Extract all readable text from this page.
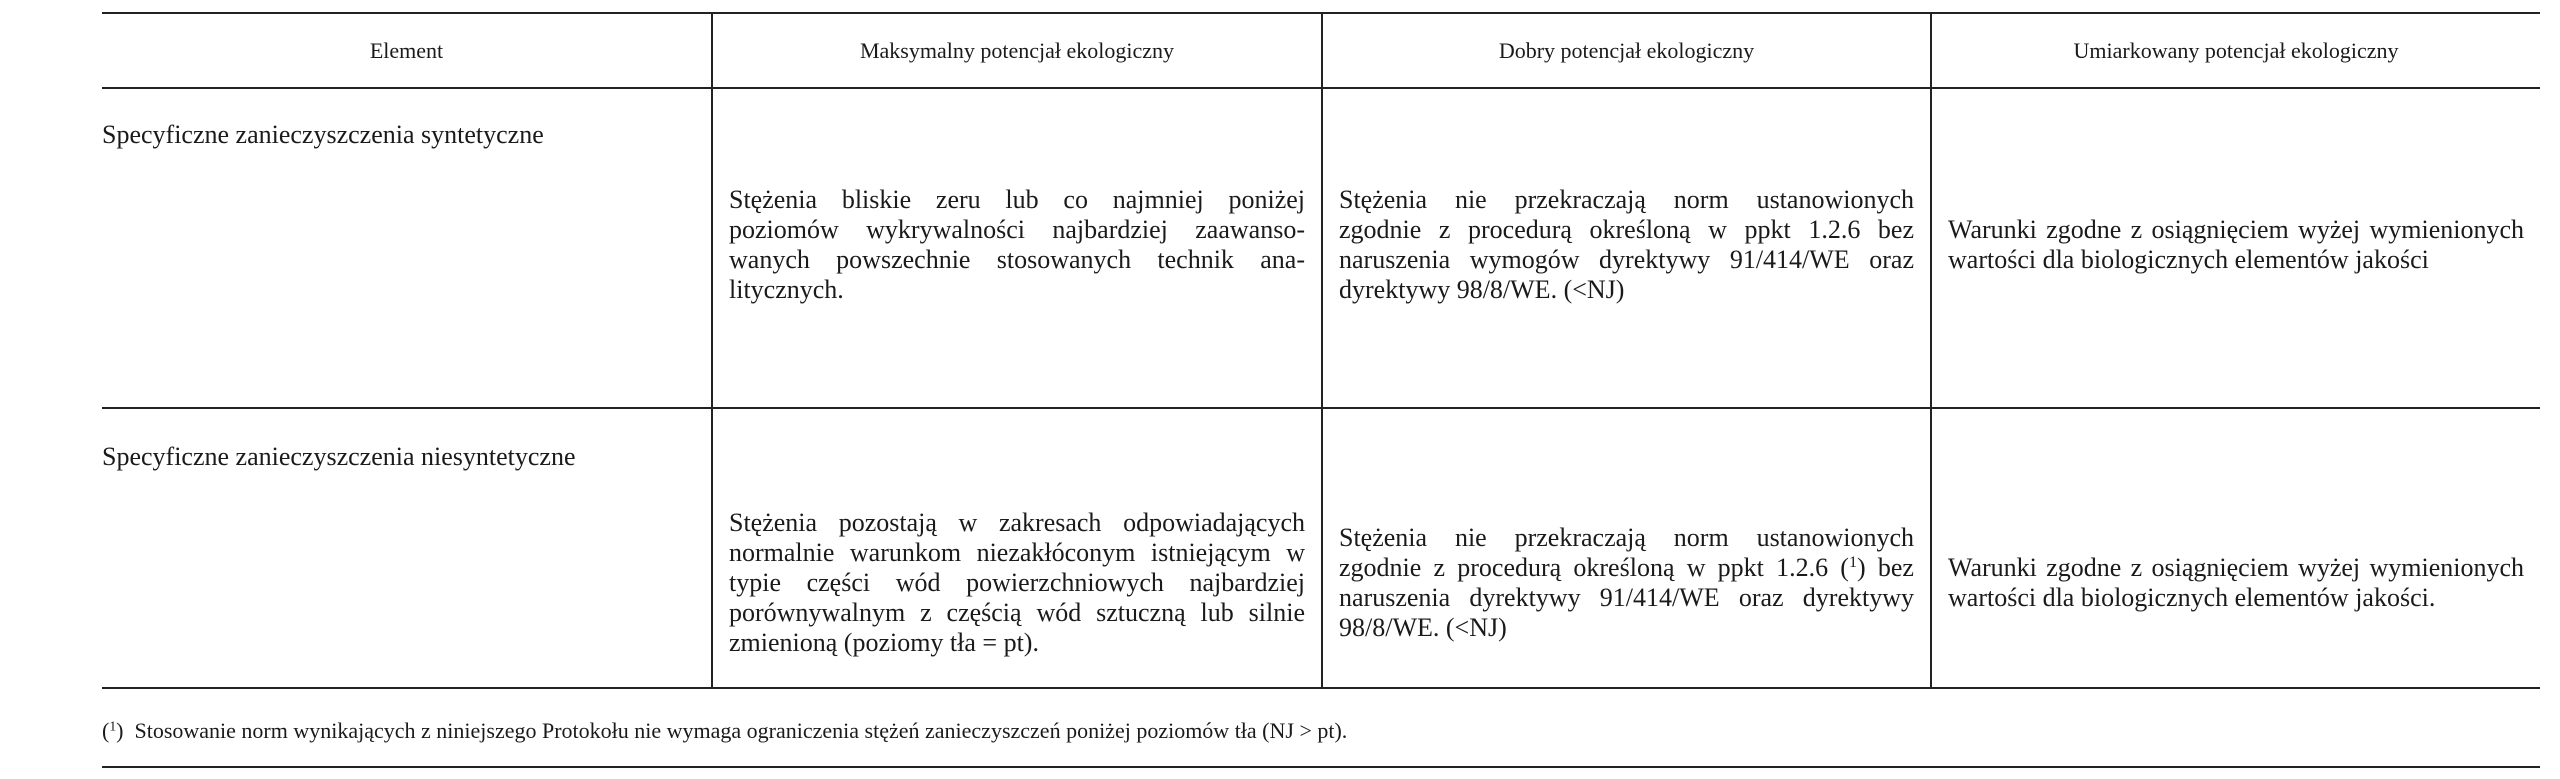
Element	Maksymalny potencjał ekologiczny	Dobry potencjał ekologiczny	Umiarkowany potencjał ekologiczny

Specyficzne zanieczyszczenia syntetyczne	Stężenia bliskie zeru lub co najmniej poniżej poziomów wykrywalności najbardziej zaawansowanych powszechnie stosowanych technik analitycznych.	Stężenia nie przekraczają norm ustanowionych zgodnie z procedurą określoną w ppkt 1.2.6 bez naruszenia wymogów dyrektywy 91/414/WE oraz dyrektywy 98/8/WE. (<NJ)	Warunki zgodne z osiągnięciem wyżej wymienionych wartości dla biologicznych elementów jakości

Specyficzne zanieczyszczenia niesyntetyczne	Stężenia pozostają w zakresach odpowiadających normalnie warunkom niezakłóconym istniejącym w typie części wód powierzchniowych najbardziej porównywalnym z częścią wód sztuczną lub silnie zmienioną (poziomy tła = pt).	Stężenia nie przekraczają norm ustanowionych zgodnie z procedurą określoną w ppkt 1.2.6 ($^1$) bez naruszenia dyrektywy 91/414/WE oraz dyrektywy 98/8/WE. (<NJ)	Warunki zgodne z osiągnięciem wyżej wymienionych wartości dla biologicznych elementów jakości.
($^1$) Stosowanie norm wynikających z niniejszego Protokołu nie wymaga ograniczenia stężeń zanieczyszczeń poniżej poziomów tła (NJ > pt).
